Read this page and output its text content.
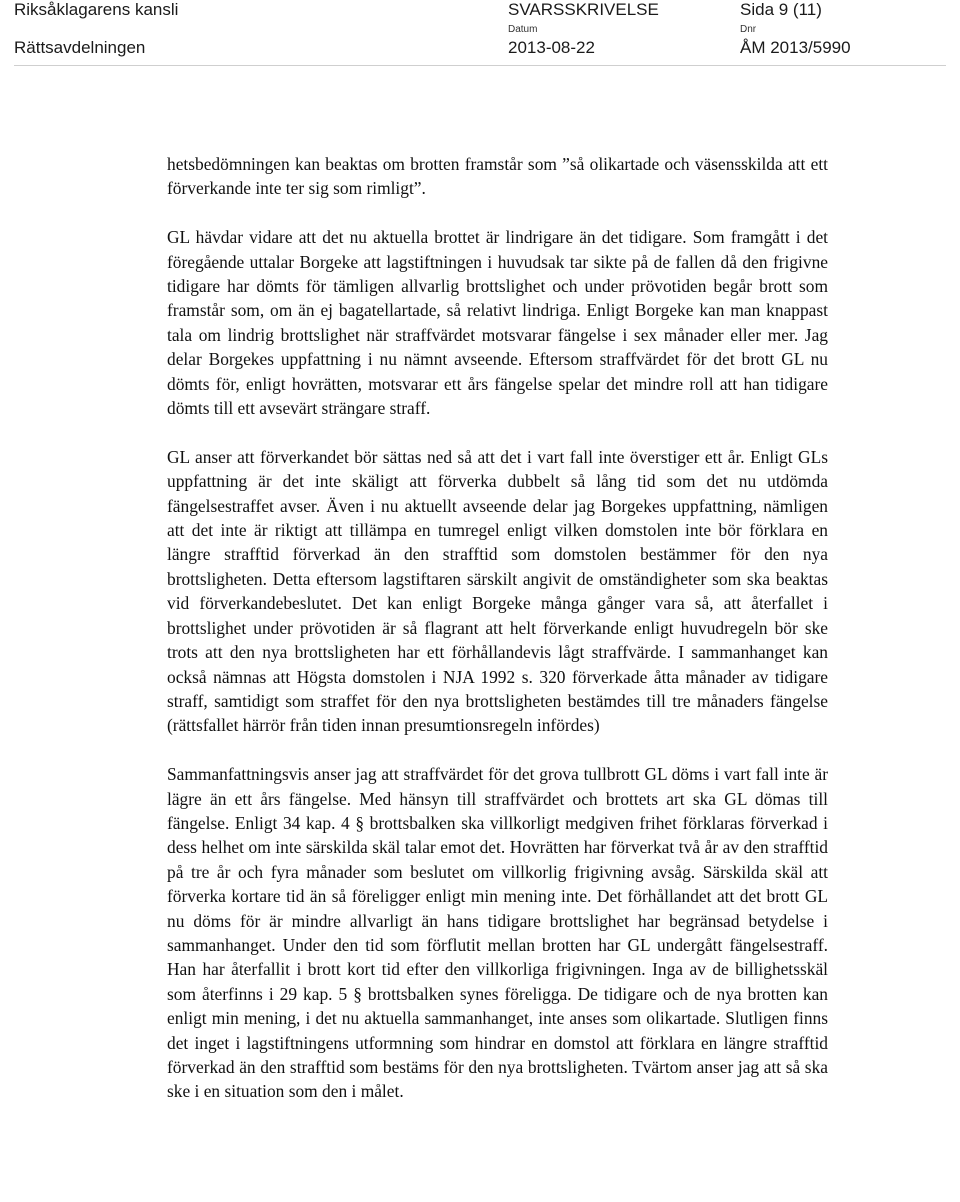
Riksåklagarens kansli
Rättsavdelningen
SVARSSKRIVELSE
Datum
2013-08-22
Sida 9 (11)
Dnr
ÅM 2013/5990

hetsbedömningen kan beaktas om brotten framstår som ”så olikartade och väsensskilda att ett förverkande inte ter sig som rimligt”.

GL hävdar vidare att det nu aktuella brottet är lindrigare än det tidigare. Som framgått i det föregående uttalar Borgeke att lagstiftningen i huvudsak tar sikte på de fallen då den frigivne tidigare har dömts för tämligen allvarlig brottslighet och under prövotiden begår brott som framstår som, om än ej bagatellartade, så relativt lindriga. Enligt Borgeke kan man knappast tala om lindrig brottslighet när straffvärdet motsvarar fängelse i sex månader eller mer. Jag delar Borgekes uppfattning i nu nämnt avseende. Eftersom straffvärdet för det brott GL nu dömts för, enligt hovrätten, motsvarar ett års fängelse spelar det mindre roll att han tidigare dömts till ett avsevärt strängare straff.

GL anser att förverkandet bör sättas ned så att det i vart fall inte överstiger ett år. Enligt GLs uppfattning är det inte skäligt att förverka dubbelt så lång tid som det nu utdömda fängelsestraffet avser. Även i nu aktuellt avseende delar jag Borgekes uppfattning, nämligen att det inte är riktigt att tillämpa en tumregel enligt vilken domstolen inte bör förklara en längre strafftid förverkad än den strafftid som domstolen bestämmer för den nya brottsligheten. Detta eftersom lagstiftaren särskilt angivit de omständigheter som ska beaktas vid förverkandebeslutet. Det kan enligt Borgeke många gånger vara så, att återfallet i brottslighet under prövotiden är så flagrant att helt förverkande enligt huvudregeln bör ske trots att den nya brottsligheten har ett förhållandevis lågt straffvärde. I sammanhanget kan också nämnas att Högsta domstolen i NJA 1992 s. 320 förverkade åtta månader av tidigare straff, samtidigt som straffet för den nya brottsligheten bestämdes till tre månaders fängelse (rättsfallet härrör från tiden innan presumtionsregeln infördes)

Sammanfattningsvis anser jag att straffvärdet för det grova tullbrott GL döms i vart fall inte är lägre än ett års fängelse. Med hänsyn till straffvärdet och brottets art ska GL dömas till fängelse. Enligt 34 kap. 4 § brottsbalken ska villkorligt medgiven frihet förklaras förverkad i dess helhet om inte särskilda skäl talar emot det. Hovrätten har förverkat två år av den strafftid på tre år och fyra månader som beslutet om villkorlig frigivning avsåg. Särskilda skäl att förverka kortare tid än så föreligger enligt min mening inte. Det förhållandet att det brott GL nu döms för är mindre allvarligt än hans tidigare brottslighet har begränsad betydelse i sammanhanget. Under den tid som förflutit mellan brotten har GL undergått fängelsestraff. Han har återfallit i brott kort tid efter den villkorliga frigivningen. Inga av de billighetsskäl som återfinns i 29 kap. 5 § brottsbalken synes föreligga. De tidigare och de nya brotten kan enligt min mening, i det nu aktuella sammanhanget, inte anses som olikartade. Slutligen finns det inget i lagstiftningens utformning som hindrar en domstol att förklara en längre strafftid förverkad än den strafftid som bestäms för den nya brottsligheten. Tvärtom anser jag att så ska ske i en situation som den i målet.
